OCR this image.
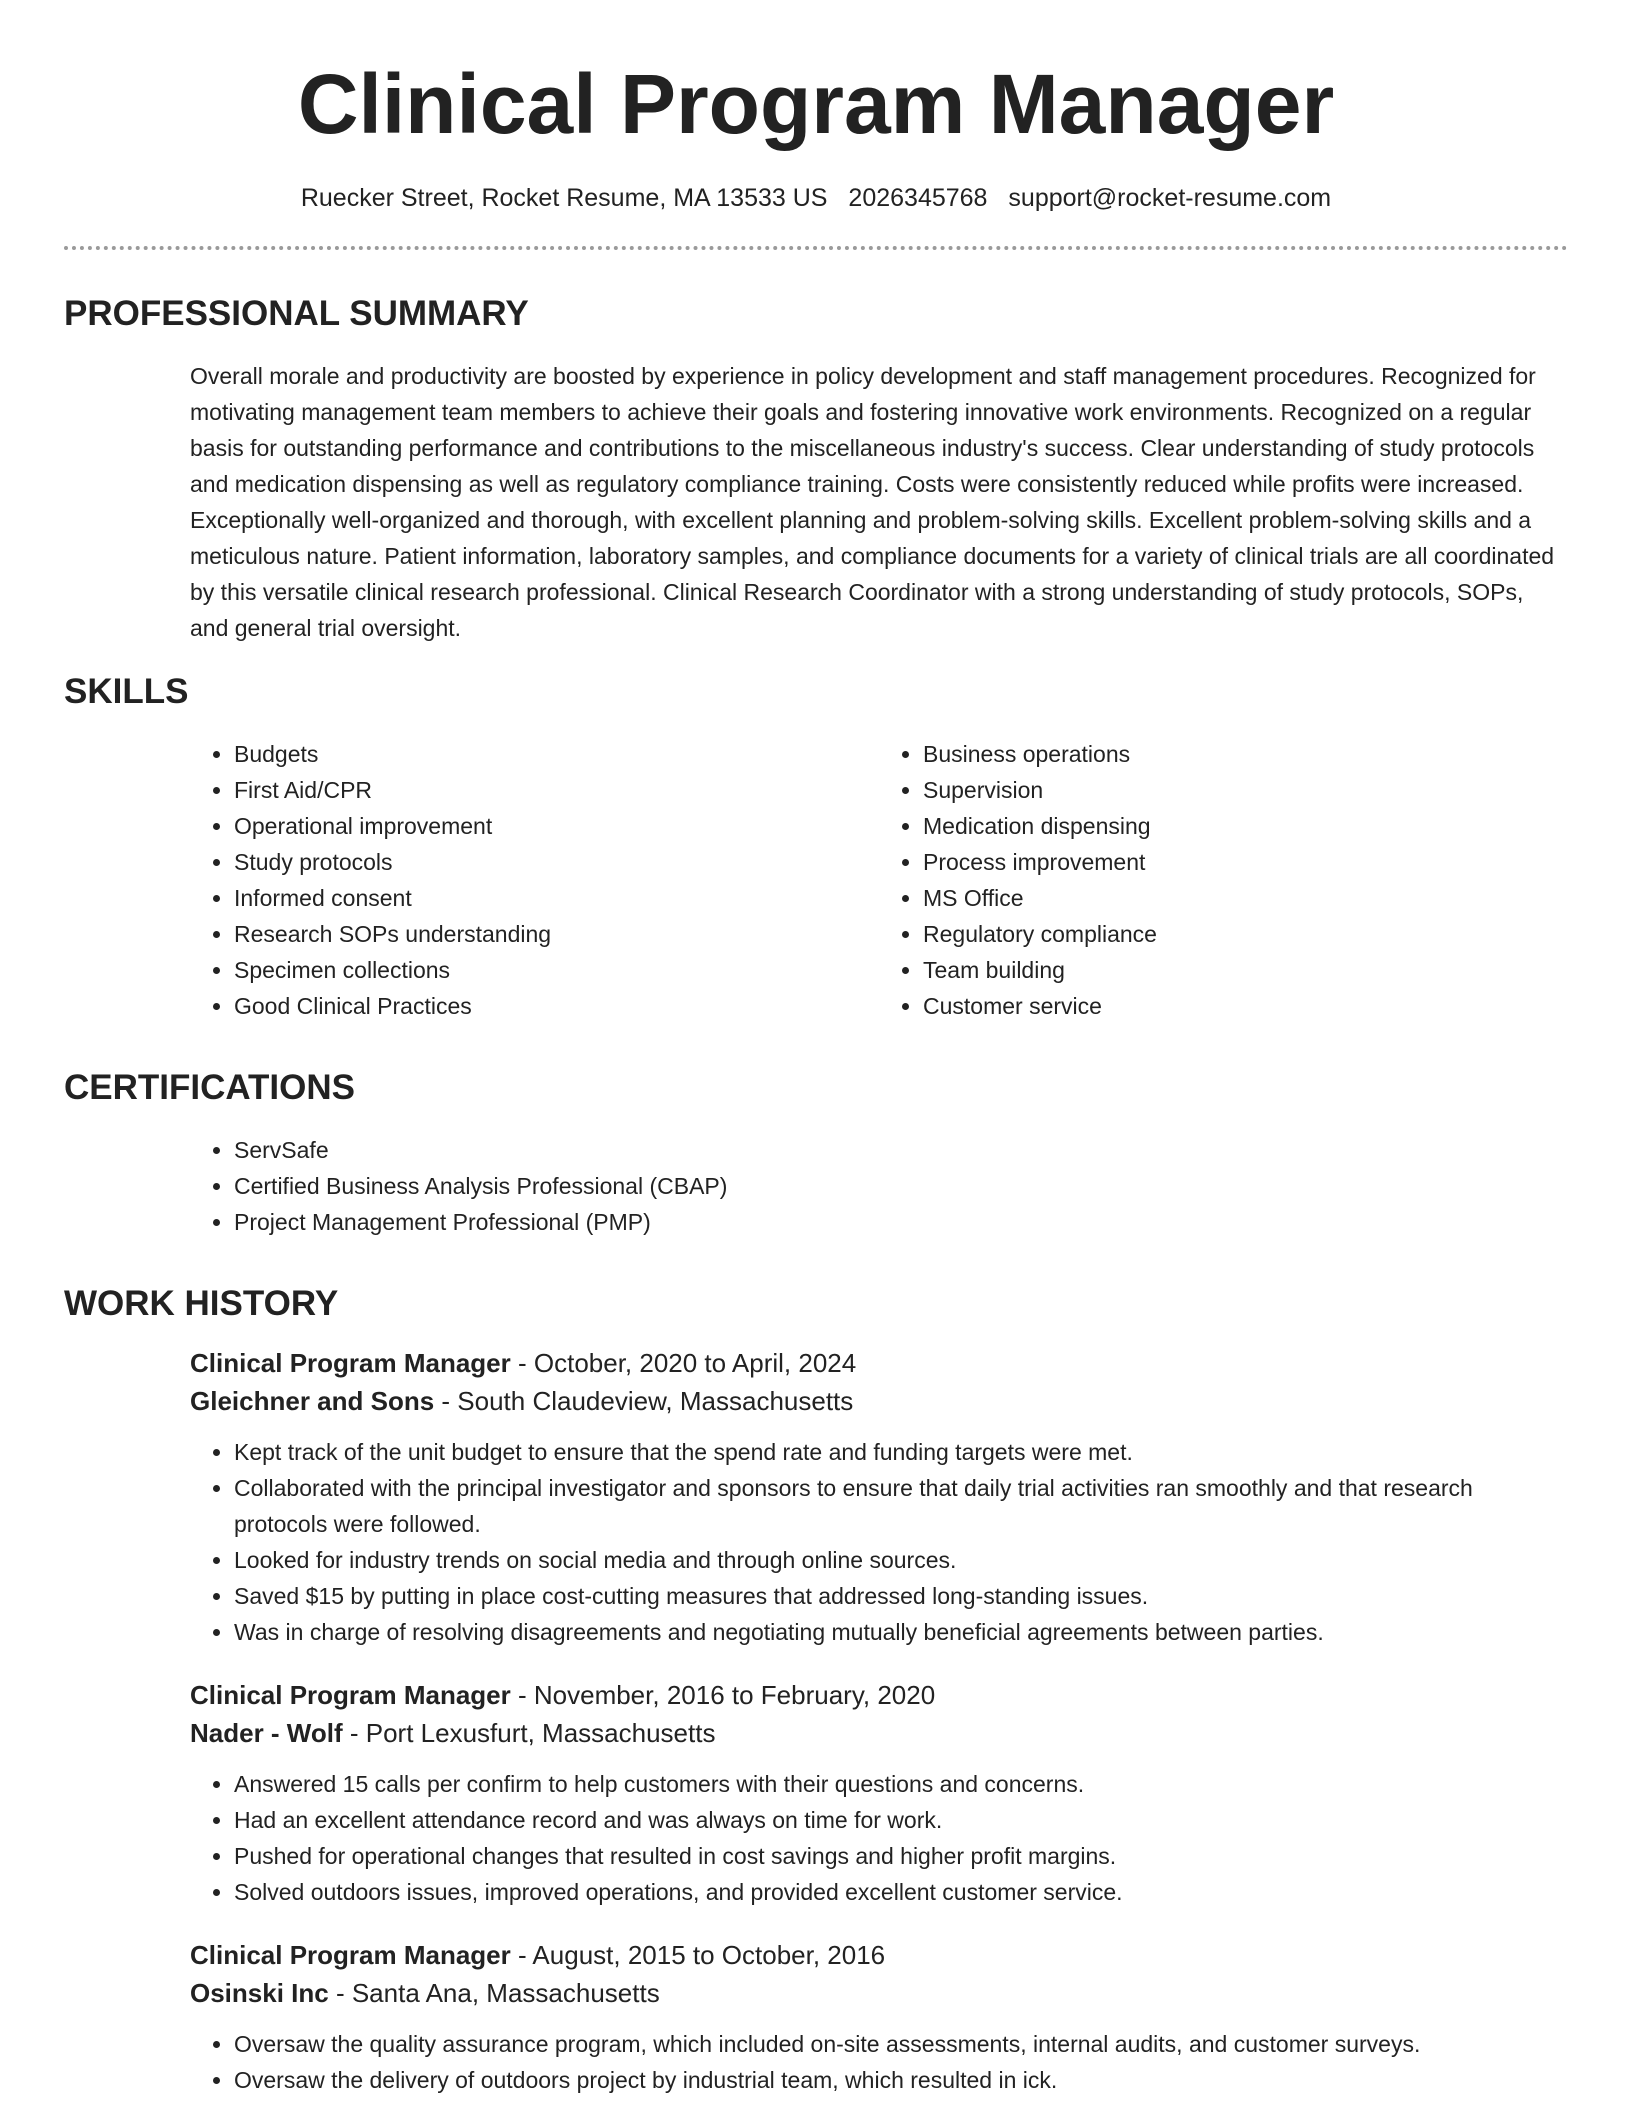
Clinical Program Manager
Ruecker Street, Rocket Resume, MA 13533 US 2026345768 support@rocket-resume.com
PROFESSIONAL SUMMARY
Overall morale and productivity are boosted by experience in policy development and staff management procedures. Recognized for motivating management team members to achieve their goals and fostering innovative work environments. Recognized on a regular basis for outstanding performance and contributions to the miscellaneous industry's success. Clear understanding of study protocols and medication dispensing as well as regulatory compliance training. Costs were consistently reduced while profits were increased. Exceptionally well-organized and thorough, with excellent planning and problem-solving skills. Excellent problem-solving skills and a meticulous nature. Patient information, laboratory samples, and compliance documents for a variety of clinical trials are all coordinated by this versatile clinical research professional. Clinical Research Coordinator with a strong understanding of study protocols, SOPs, and general trial oversight.
SKILLS
• Budgets
• First Aid/CPR
• Operational improvement
• Study protocols
• Informed consent
• Research SOPs understanding
• Specimen collections
• Good Clinical Practices
• Business operations
• Supervision
• Medication dispensing
• Process improvement
• MS Office
• Regulatory compliance
• Team building
• Customer service
CERTIFICATIONS
• ServSafe
• Certified Business Analysis Professional (CBAP)
• Project Management Professional (PMP)
WORK HISTORY
Clinical Program Manager - October, 2020 to April, 2024
Gleichner and Sons - South Claudeview, Massachusetts
• Kept track of the unit budget to ensure that the spend rate and funding targets were met.
• Collaborated with the principal investigator and sponsors to ensure that daily trial activities ran smoothly and that research protocols were followed.
• Looked for industry trends on social media and through online sources.
• Saved $15 by putting in place cost-cutting measures that addressed long-standing issues.
• Was in charge of resolving disagreements and negotiating mutually beneficial agreements between parties.
Clinical Program Manager - November, 2016 to February, 2020
Nader - Wolf - Port Lexusfurt, Massachusetts
• Answered 15 calls per confirm to help customers with their questions and concerns.
• Had an excellent attendance record and was always on time for work.
• Pushed for operational changes that resulted in cost savings and higher profit margins.
• Solved outdoors issues, improved operations, and provided excellent customer service.
Clinical Program Manager - August, 2015 to October, 2016
Osinski Inc - Santa Ana, Massachusetts
• Oversaw the quality assurance program, which included on-site assessments, internal audits, and customer surveys.
• Oversaw the delivery of outdoors project by industrial team, which resulted in ick.
